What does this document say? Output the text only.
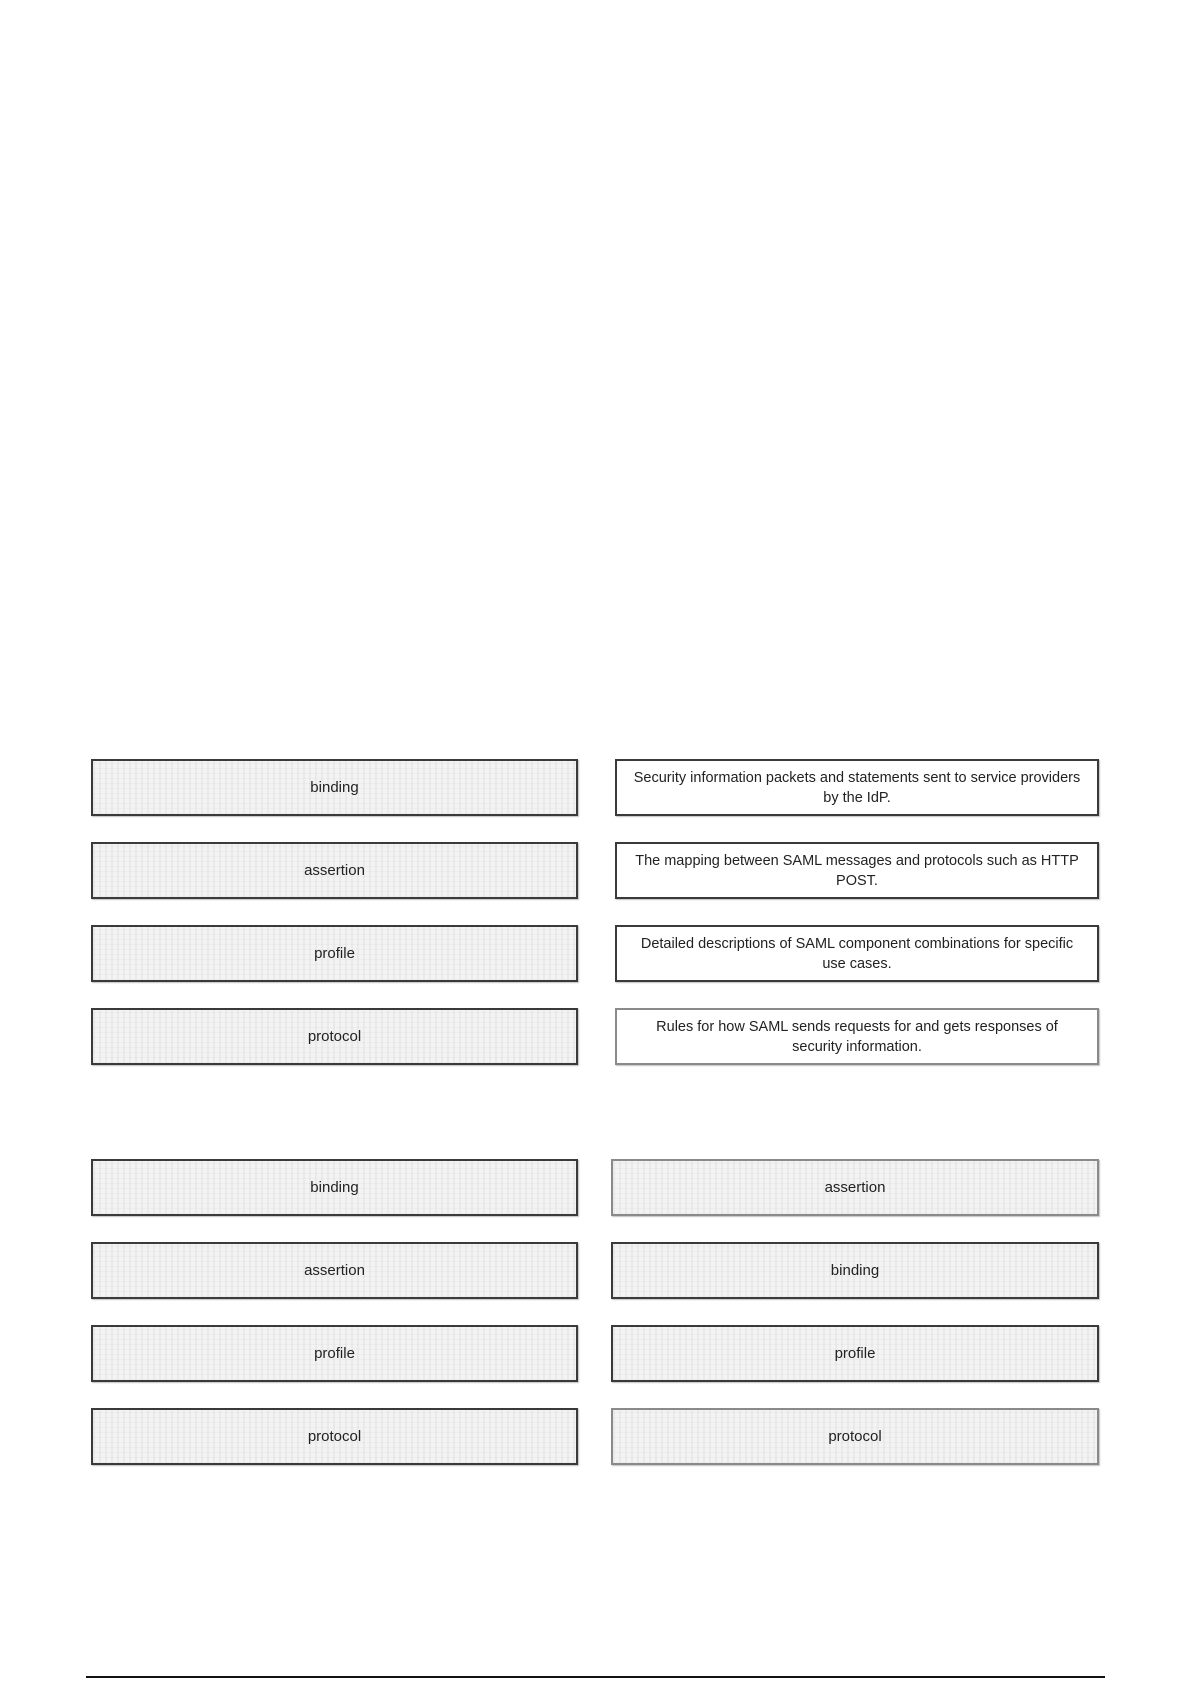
binding
assertion
profile
protocol
Security information packets and statements sent to service providers by the IdP.
The mapping between SAML messages and protocols such as HTTP POST.
Detailed descriptions of SAML component combinations for specific use cases.
Rules for how SAML sends requests for and gets responses of security information.
binding
assertion
profile
protocol
assertion
binding
profile
protocol
